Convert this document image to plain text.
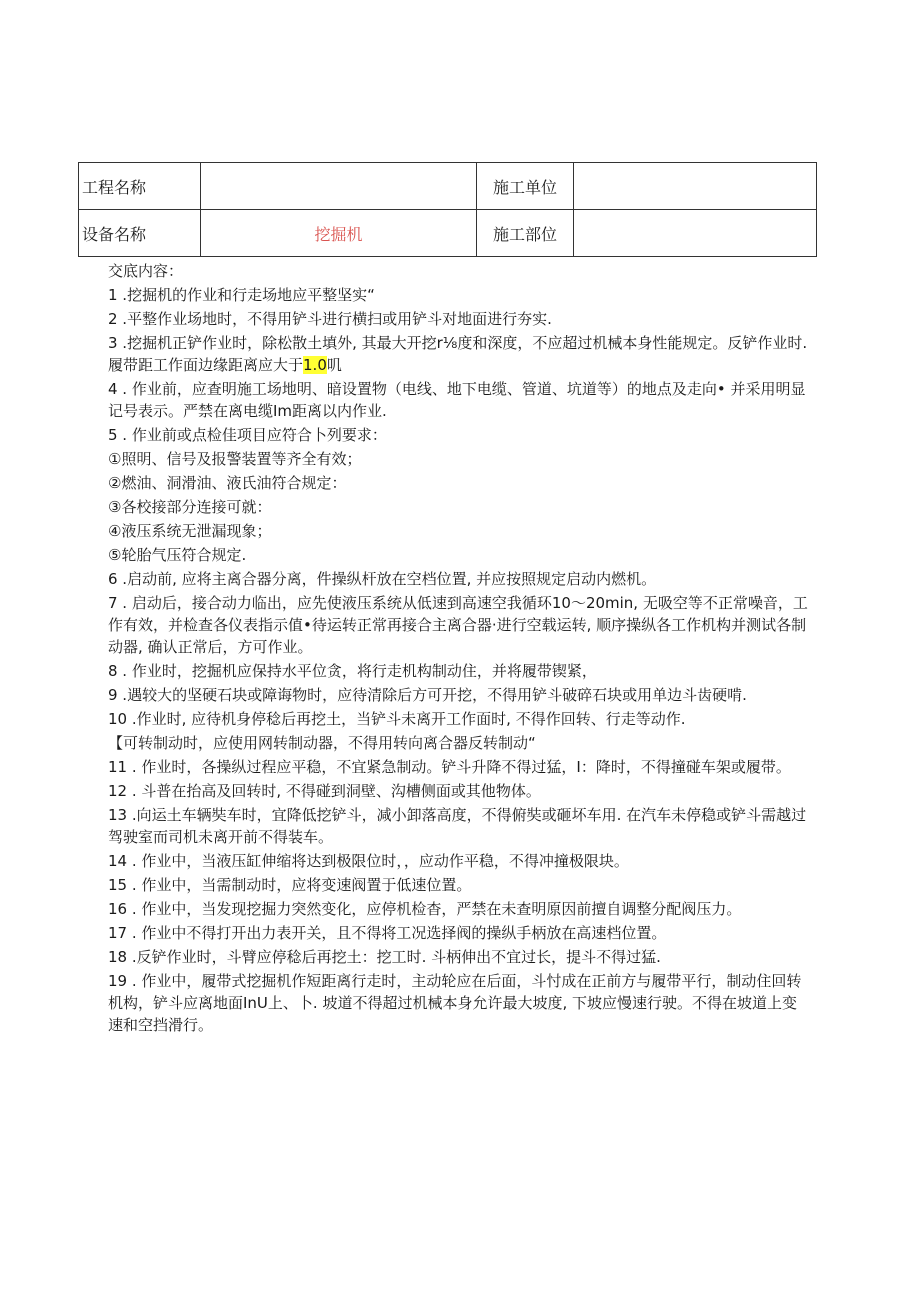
工程名称		施工单位	
设备名称	挖掘机	施工部位	

交底内容：

1 .挖掘机的作业和行走场地应平整坚实“

2 .平整作业场地时，不得用铲斗进行横扫或用铲斗对地面进行夯实.

3 .挖掘机正铲作业时，除松散土填外, 其最大开挖r⅛度和深度，不应超过机械本身性能规定。反铲作业时. 履带距工作面边缘距离应大于1.0叽

4 . 作业前，应查明施工场地明、暗设置物（电线、地下电缆、管道、坑道等）的地点及走向• 并采用明显记号表示。严禁在离电缆Im距离以内作业.

5 . 作业前或点检佳项目应符合卜列要求：

①照明、信号及报警装置等齐全有效；

②燃油、洞滑油、液氏油符合规定：

③各校接部分连接可就：

④液压系统无泄漏现象；

⑤轮胎气压符合规定.

6 .启动前, 应将主离合器分离，件操纵杆放在空档位置, 并应按照规定启动内燃机。

7 . 启动后，接合动力临出，应先使液压系统从低速到高速空我循环10～20min, 无吸空等不正常噪音，工作有效，并检查各仪表指示值•待运转正常再接合主离合器·进行空载运转, 顺序操纵各工作机构并测试各制动器, 确认正常后，方可作业。

8 . 作业时，挖掘机应保持水平位贪，将行走机构制动住，并将履带锲紧，

9 .遇较大的坚硬石块或障诲物时，应待清除后方可开挖，不得用铲斗破碎石块或用单边斗齿硬啃.

10 .作业时, 应待机身停稔后再挖土，当铲斗未离开工作面时, 不得作回转、行走等动作.

【可转制动时，应使用网转制动器，不得用转向离合器反转制动“

11 . 作业时，各操纵过程应平稳，不宜紧急制动。铲斗升降不得过猛，I：降时，不得撞碰车架或履带。

12 . 斗普在抬高及回转时, 不得碰到洞壁、沟槽侧面或其他物体。

13 .向运土车辆奘车时，宜降低挖铲斗，减小卸落高度，不得俯奘或砸坏车用. 在汽车未停稳或铲斗需越过驾驶室而司机未离开前不得装车。

14 . 作业中，当液压缸伸缩将达到极限位时，，应动作平稳，不得冲撞极限块。

15 . 作业中，当需制动时，应将变速阀置于低速位置。

16 . 作业中，当发现挖掘力突然变化，应停机检杳，严禁在未查明原因前擅自调整分配阀压力。

17 . 作业中不得打开出力表开关，且不得将工况选择阀的操纵手柄放在高速档位置。

18 .反铲作业时，斗臂应停稔后再挖土：挖工时. 斗柄伸出不宜过长，提斗不得过猛.

19 . 作业中，履带式挖掘机作短距离行走时，主动轮应在后面，斗忖成在正前方与履带平行，制动住回转机构，铲斗应离地面InU上、卜. 坡道不得超过机械本身允许最大坡度, 下坡应慢速行驶。不得在坡道上变速和空挡滑行。
